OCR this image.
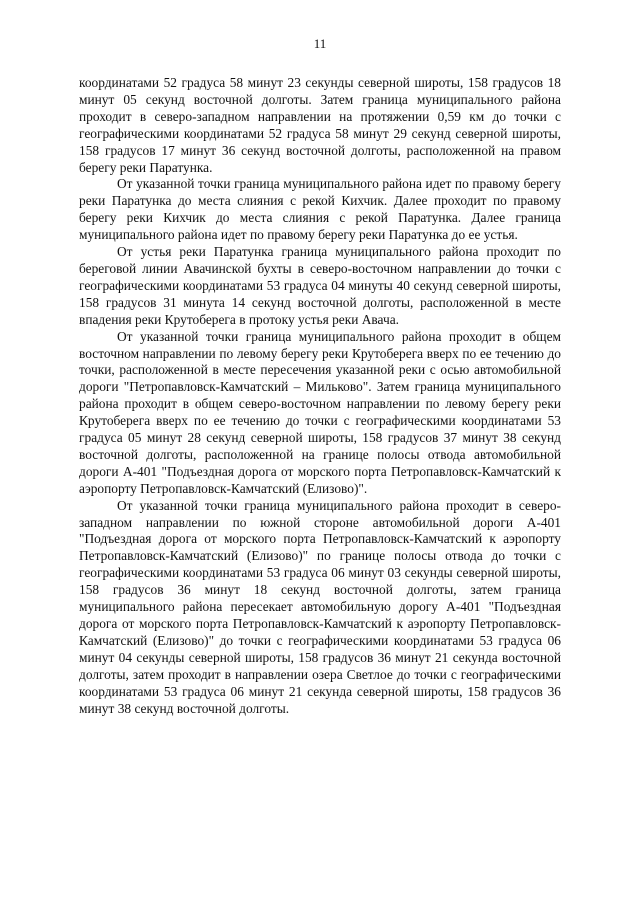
11

координатами 52 градуса 58 минут 23 секунды северной широты, 158 градусов 18 минут 05 секунд восточной долготы. Затем граница муниципального района проходит в северо-западном направлении на протяжении 0,59 км до точки с географическими координатами 52 градуса 58 минут 29 секунд северной широты, 158 градусов 17 минут 36 секунд восточной долготы, расположенной на правом берегу реки Паратунка.

От указанной точки граница муниципального района идет по правому берегу реки Паратунка до места слияния с рекой Кихчик. Далее проходит по правому берегу реки Кихчик до места слияния с рекой Паратунка. Далее граница муниципального района идет по правому берегу реки Паратунка до ее устья.

От устья реки Паратунка граница муниципального района проходит по береговой линии Авачинской бухты в северо-восточном направлении до точки с географическими координатами 53 градуса 04 минуты 40 секунд северной широты, 158 градусов 31 минута 14 секунд восточной долготы, расположенной в месте впадения реки Крутоберега в протоку устья реки Авача.

От указанной точки граница муниципального района проходит в общем восточном направлении по левому берегу реки Крутоберега вверх по ее течению до точки, расположенной в месте пересечения указанной реки с осью автомобильной дороги "Петропавловск-Камчатский – Мильково". Затем граница муниципального района проходит в общем северо-восточном направлении по левому берегу реки Крутоберега вверх по ее течению до точки с географическими координатами 53 градуса 05 минут 28 секунд северной широты, 158 градусов 37 минут 38 секунд восточной долготы, расположенной на границе полосы отвода автомобильной дороги А-401 "Подъездная дорога от морского порта Петропавловск-Камчатский к аэропорту Петропавловск-Камчатский (Елизово)".

От указанной точки граница муниципального района проходит в северо-западном направлении по южной стороне автомобильной дороги А-401 "Подъездная дорога от морского порта Петропавловск-Камчатский к аэропорту Петропавловск-Камчатский (Елизово)" по границе полосы отвода до точки с географическими координатами 53 градуса 06 минут 03 секунды северной широты, 158 градусов 36 минут 18 секунд восточной долготы, затем граница муниципального района пересекает автомобильную дорогу А-401 "Подъездная дорога от морского порта Петропавловск-Камчатский к аэропорту Петропавловск-Камчатский (Елизово)" до точки с географическими координатами 53 градуса 06 минут 04 секунды северной широты, 158 градусов 36 минут 21 секунда восточной долготы, затем проходит в направлении озера Светлое до точки с географическими координатами 53 градуса 06 минут 21 секунда северной широты, 158 градусов 36 минут 38 секунд восточной долготы.
